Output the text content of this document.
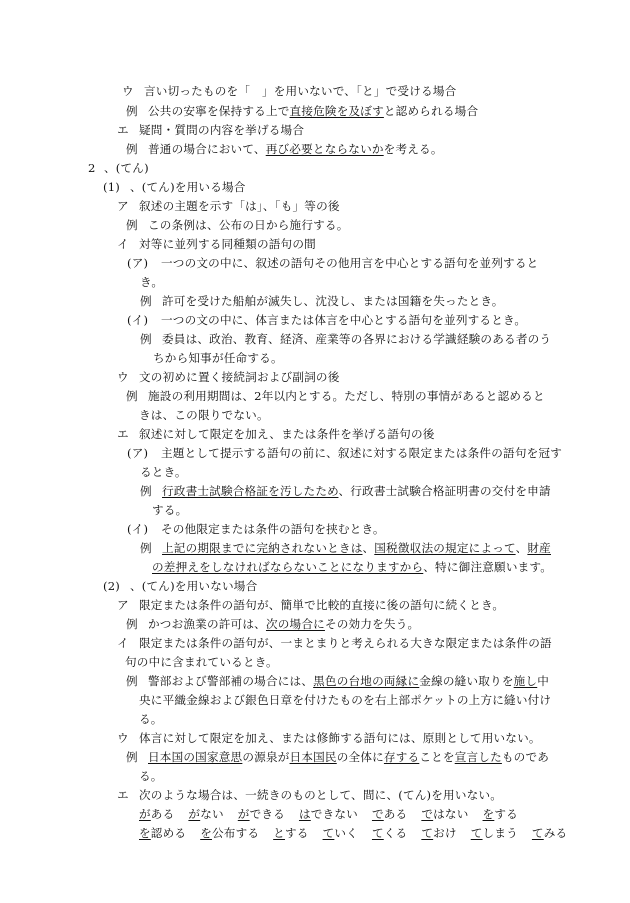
ウ 言い切ったものを「　」を用いないで、「と」で受ける場合
例 公共の安寧を保持する上で直接危険を及ぼすと認められる場合
エ 疑問・質問の内容を挙げる場合
例 普通の場合において、再び必要とならないかを考える。
2 、(てん)
(1) 、(てん)を用いる場合
ア 叙述の主題を示す「は」、「も」等の後
例 この条例は、公布の日から施行する。
イ 対等に並列する同種類の語句の間
(ア) 一つの文の中に、叙述の語句その他用言を中心とする語句を並列すると
き。
例 許可を受けた船舶が滅失し、沈没し、または国籍を失ったとき。
(イ) 一つの文の中に、体言または体言を中心とする語句を並列するとき。
例 委員は、政治、教育、経済、産業等の各界における学識経験のある者のう
ちから知事が任命する。
ウ 文の初めに置く接続詞および副詞の後
例 施設の利用期間は、2年以内とする。ただし、特別の事情があると認めると
きは、この限りでない。
エ 叙述に対して限定を加え、または条件を挙げる語句の後
(ア) 主題として提示する語句の前に、叙述に対する限定または条件の語句を冠す
るとき。
例 行政書士試験合格証を汚したため、行政書士試験合格証明書の交付を申請
する。
(イ) その他限定または条件の語句を挟むとき。
例 上記の期限までに完納されないときは、国税徴収法の規定によって、財産
の差押えをしなければならないことになりますから、特に御注意願います。
(2) 、(てん)を用いない場合
ア 限定または条件の語句が、簡単で比較的直接に後の語句に続くとき。
例 かつお漁業の許可は、次の場合にその効力を失う。
イ 限定または条件の語句が、一まとまりと考えられる大きな限定または条件の語
句の中に含まれているとき。
例 警部および警部補の場合には、黒色の台地の両縁に金線の縫い取りを施し中
央に平織金線および銀色日章を付けたものを右上部ポケットの上方に縫い付け
る。
ウ 体言に対して限定を加え、または修飾する語句には、原則として用いない。
例 日本国の国家意思の源泉が日本国民の全体に存することを宣言したものであ
る。
エ 次のような場合は、一続きのものとして、間に、(てん)を用いない。
がある がない ができる はできない である ではない をする
を認める を公布する とする ていく てくる ておけ てしまう てみる
